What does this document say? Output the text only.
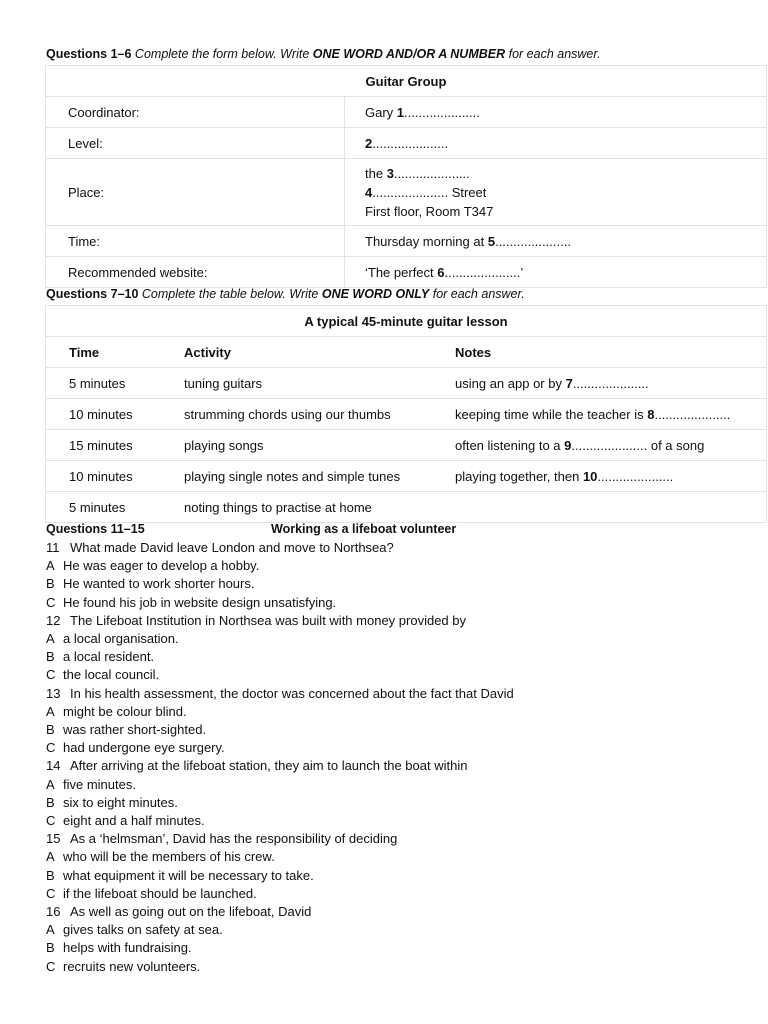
Questions 1–6 Complete the form below. Write ONE WORD AND/OR A NUMBER for each answer.
Guitar Group	
Coordinator:	Gary 1.....................
Level:	2.....................
Place:	the 3.....................
4..................... Street
First floor, Room T347

Time:	Thursday morning at 5.....................
Recommended website:	‘The perfect 6.....................’
Questions 7–10 Complete the table below. Write ONE WORD ONLY for each answer.
A typical 45-minute guitar lesson		
Time	Activity	Notes
5 minutes	tuning guitars	using an app or by 7.....................
10 minutes	strumming chords using our thumbs	keeping time while the teacher is 8.....................
15 minutes	playing songs	often listening to a 9..................... of a song
10 minutes	playing single notes and simple tunes	playing together, then 10.....................
5 minutes	noting things to practise at home	
Questions 11–15	Working as a lifeboat volunteer
11 What made David leave London and move to Northsea?
A He was eager to develop a hobby.
B He wanted to work shorter hours.
C He found his job in website design unsatisfying.
12 The Lifeboat Institution in Northsea was built with money provided by
A a local organisation.
B a local resident.
C the local council.
13 In his health assessment, the doctor was concerned about the fact that David
A might be colour blind.
B was rather short-sighted.
C had undergone eye surgery.
14 After arriving at the lifeboat station, they aim to launch the boat within
A five minutes.
B six to eight minutes.
C eight and a half minutes.
15 As a ‘helmsman’, David has the responsibility of deciding
A who will be the members of his crew.
B what equipment it will be necessary to take.
C if the lifeboat should be launched.
16 As well as going out on the lifeboat, David
A gives talks on safety at sea.
B helps with fundraising.
C recruits new volunteers.
